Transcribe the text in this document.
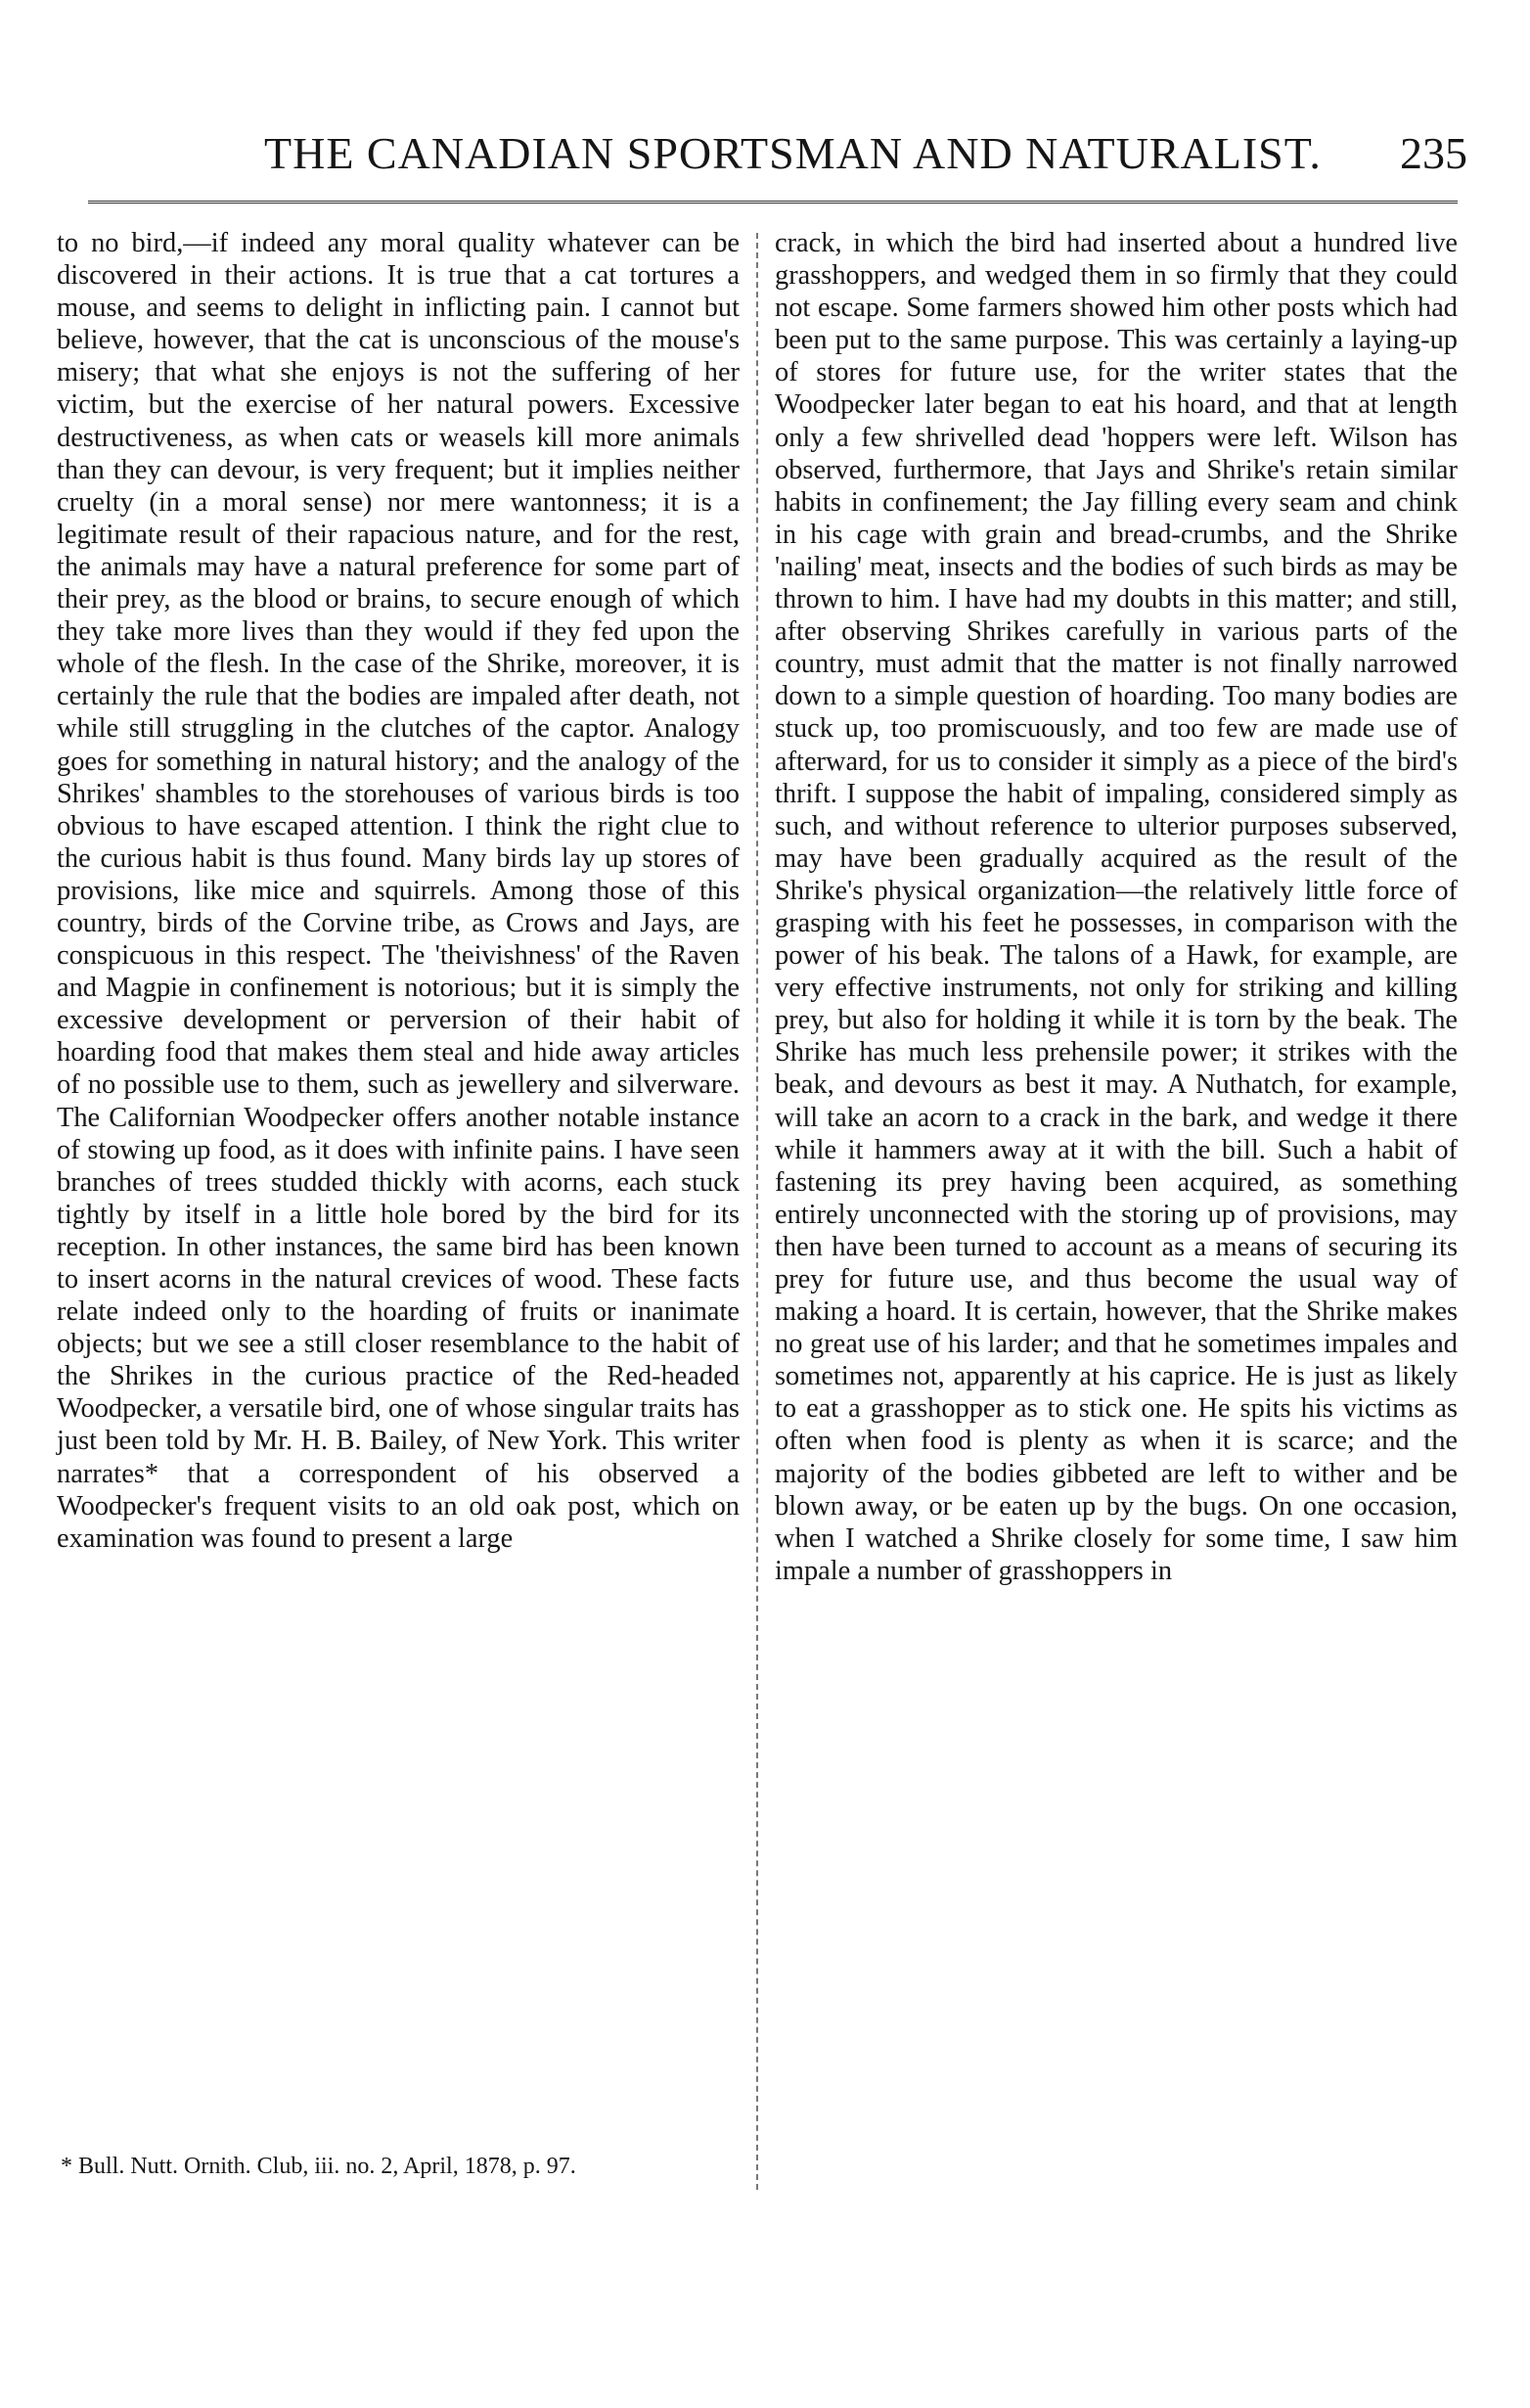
THE CANADIAN SPORTSMAN AND NATURALIST. 235

to no bird,—if indeed any moral quality whatever can be discovered in their actions. It is true that a cat tortures a mouse, and seems to delight in inflicting pain. I cannot but believe, however, that the cat is unconscious of the mouse's misery; that what she enjoys is not the suffering of her victim, but the exercise of her natural powers. Excessive destructiveness, as when cats or weasels kill more animals than they can devour, is very frequent; but it implies neither cruelty (in a moral sense) nor mere wantonness; it is a legitimate result of their rapacious nature, and for the rest, the animals may have a natural preference for some part of their prey, as the blood or brains, to secure enough of which they take more lives than they would if they fed upon the whole of the flesh. In the case of the Shrike, moreover, it is certainly the rule that the bodies are impaled after death, not while still struggling in the clutches of the captor. Analogy goes for something in natural history; and the analogy of the Shrikes' shambles to the storehouses of various birds is too obvious to have escaped attention. I think the right clue to the curious habit is thus found. Many birds lay up stores of provisions, like mice and squirrels. Among those of this country, birds of the Corvine tribe, as Crows and Jays, are conspicuous in this respect. The 'theivishness' of the Raven and Magpie in confinement is notorious; but it is simply the excessive development or perversion of their habit of hoarding food that makes them steal and hide away articles of no possible use to them, such as jewellery and silverware. The Californian Woodpecker offers another notable instance of stowing up food, as it does with infinite pains. I have seen branches of trees studded thickly with acorns, each stuck tightly by itself in a little hole bored by the bird for its reception. In other instances, the same bird has been known to insert acorns in the natural crevices of wood. These facts relate indeed only to the hoarding of fruits or inanimate objects; but we see a still closer resemblance to the habit of the Shrikes in the curious practice of the Red-headed Woodpecker, a versatile bird, one of whose singular traits has just been told by Mr. H. B. Bailey, of New York. This writer narrates* that a correspondent of his observed a Woodpecker's frequent visits to an old oak post, which on examination was found to present a large

crack, in which the bird had inserted about a hundred live grasshoppers, and wedged them in so firmly that they could not escape. Some farmers showed him other posts which had been put to the same purpose. This was certainly a laying-up of stores for future use, for the writer states that the Woodpecker later began to eat his hoard, and that at length only a few shrivelled dead 'hoppers were left. Wilson has observed, furthermore, that Jays and Shrike's retain similar habits in confinement; the Jay filling every seam and chink in his cage with grain and bread-crumbs, and the Shrike 'nailing' meat, insects and the bodies of such birds as may be thrown to him. I have had my doubts in this matter; and still, after observing Shrikes carefully in various parts of the country, must admit that the matter is not finally narrowed down to a simple question of hoarding. Too many bodies are stuck up, too promiscuously, and too few are made use of afterward, for us to consider it simply as a piece of the bird's thrift. I suppose the habit of impaling, considered simply as such, and without reference to ulterior purposes subserved, may have been gradually acquired as the result of the Shrike's physical organization—the relatively little force of grasping with his feet he possesses, in comparison with the power of his beak. The talons of a Hawk, for example, are very effective instruments, not only for striking and killing prey, but also for holding it while it is torn by the beak. The Shrike has much less prehensile power; it strikes with the beak, and devours as best it may. A Nuthatch, for example, will take an acorn to a crack in the bark, and wedge it there while it hammers away at it with the bill. Such a habit of fastening its prey having been acquired, as something entirely unconnected with the storing up of provisions, may then have been turned to account as a means of securing its prey for future use, and thus become the usual way of making a hoard. It is certain, however, that the Shrike makes no great use of his larder; and that he sometimes impales and sometimes not, apparently at his caprice. He is just as likely to eat a grasshopper as to stick one. He spits his victims as often when food is plenty as when it is scarce; and the majority of the bodies gibbeted are left to wither and be blown away, or be eaten up by the bugs. On one occasion, when I watched a Shrike closely for some time, I saw him impale a number of grasshoppers in

* Bull. Nutt. Ornith. Club, iii. no. 2, April, 1878, p. 97.
